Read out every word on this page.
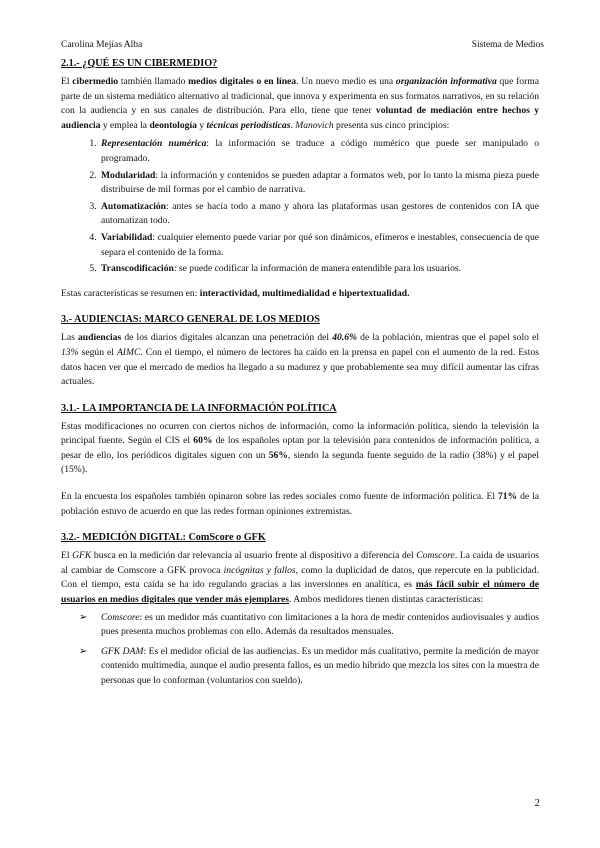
Carolina Mejías Alba	Sistema de Medios
2.1.- ¿QUÉ ES UN CIBERMEDIO?

El cibermedio también llamado medios digitales o en línea. Un nuevo medio es una organización informativa que forma parte de un sistema mediático alternativo al tradicional, que innova y experimenta en sus formatos narrativos, en su relación con la audiencia y en sus canales de distribución. Para ello, tiene que tener voluntad de mediación entre hechos y audiencia y emplea la deontología y técnicas periodísticas. Manovich presenta sus cinco principios:

1. Representación numérica: la información se traduce a código numérico que puede ser manipulado o programado.
2. Modularidad: la información y contenidos se pueden adaptar a formatos web, por lo tanto la misma pieza puede distribuirse de mil formas por el cambio de narrativa.
3. Automatización: antes se hacía todo a mano y ahora las plataformas usan gestores de contenidos con IA que automatizan todo.
4. Variabilidad: cualquier elemento puede variar por qué son dinámicos, efímeros e inestables, consecuencia de que separa el contenido de la forma.
5. Transcodificación: se puede codificar la información de manera entendible para los usuarios.

Estas características se resumen en: interactividad, multimedialidad e hipertextualidad.

3.- AUDIENCIAS: MARCO GENERAL DE LOS MEDIOS

Las audiencias de los diarios digitales alcanzan una penetración del 40.6% de la población, mientras que el papel solo el 13% según el AIMC. Con el tiempo, el número de lectores ha caído en la prensa en papel con el aumento de la red. Estos datos hacen ver que el mercado de medios ha llegado a su madurez y que probablemente sea muy difícil aumentar las cifras actuales.

3.1.- LA IMPORTANCIA DE LA INFORMACIÓN POLÍTICA

Estas modificaciones no ocurren con ciertos nichos de información, como la información política, siendo la televisión la principal fuente. Según el CIS el 60% de los españoles optan por la televisión para contenidos de información política, a pesar de ello, los periódicos digitales siguen con un 56%, siendo la segunda fuente seguido de la radio (38%) y el papel (15%).

En la encuesta los españoles también opinaron sobre las redes sociales como fuente de información política. El 71% de la población estuvo de acuerdo en que las redes forman opiniones extremistas.

3.2.- MEDICIÓN DIGITAL: ComScore o GFK

El GFK busca en la medición dar relevancia al usuario frente al dispositivo a diferencia del Comscore. La caída de usuarios al cambiar de Comscore a GFK provoca incógnitas y fallos, como la duplicidad de datos, que repercute en la publicidad. Con el tiempo, esta caída se ha ido regulando gracias a las inversiones en analítica, es más fácil subir el número de usuarios en medios digitales que vender más ejemplares. Ambos medidores tienen distintas características:

➢ Comscore: es un medidor más cuantitativo con limitaciones a la hora de medir contenidos audiovisuales y audios pues presenta muchos problemas con ello. Además da resultados mensuales.
➢ GFK DAM: Es el medidor oficial de las audiencias. Es un medidor más cualitativo, permite la medición de mayor contenido multimedia, aunque el audio presenta fallos, es un medio híbrido que mezcla los sites con la muestra de personas que lo conforman (voluntarios con sueldo).
2
